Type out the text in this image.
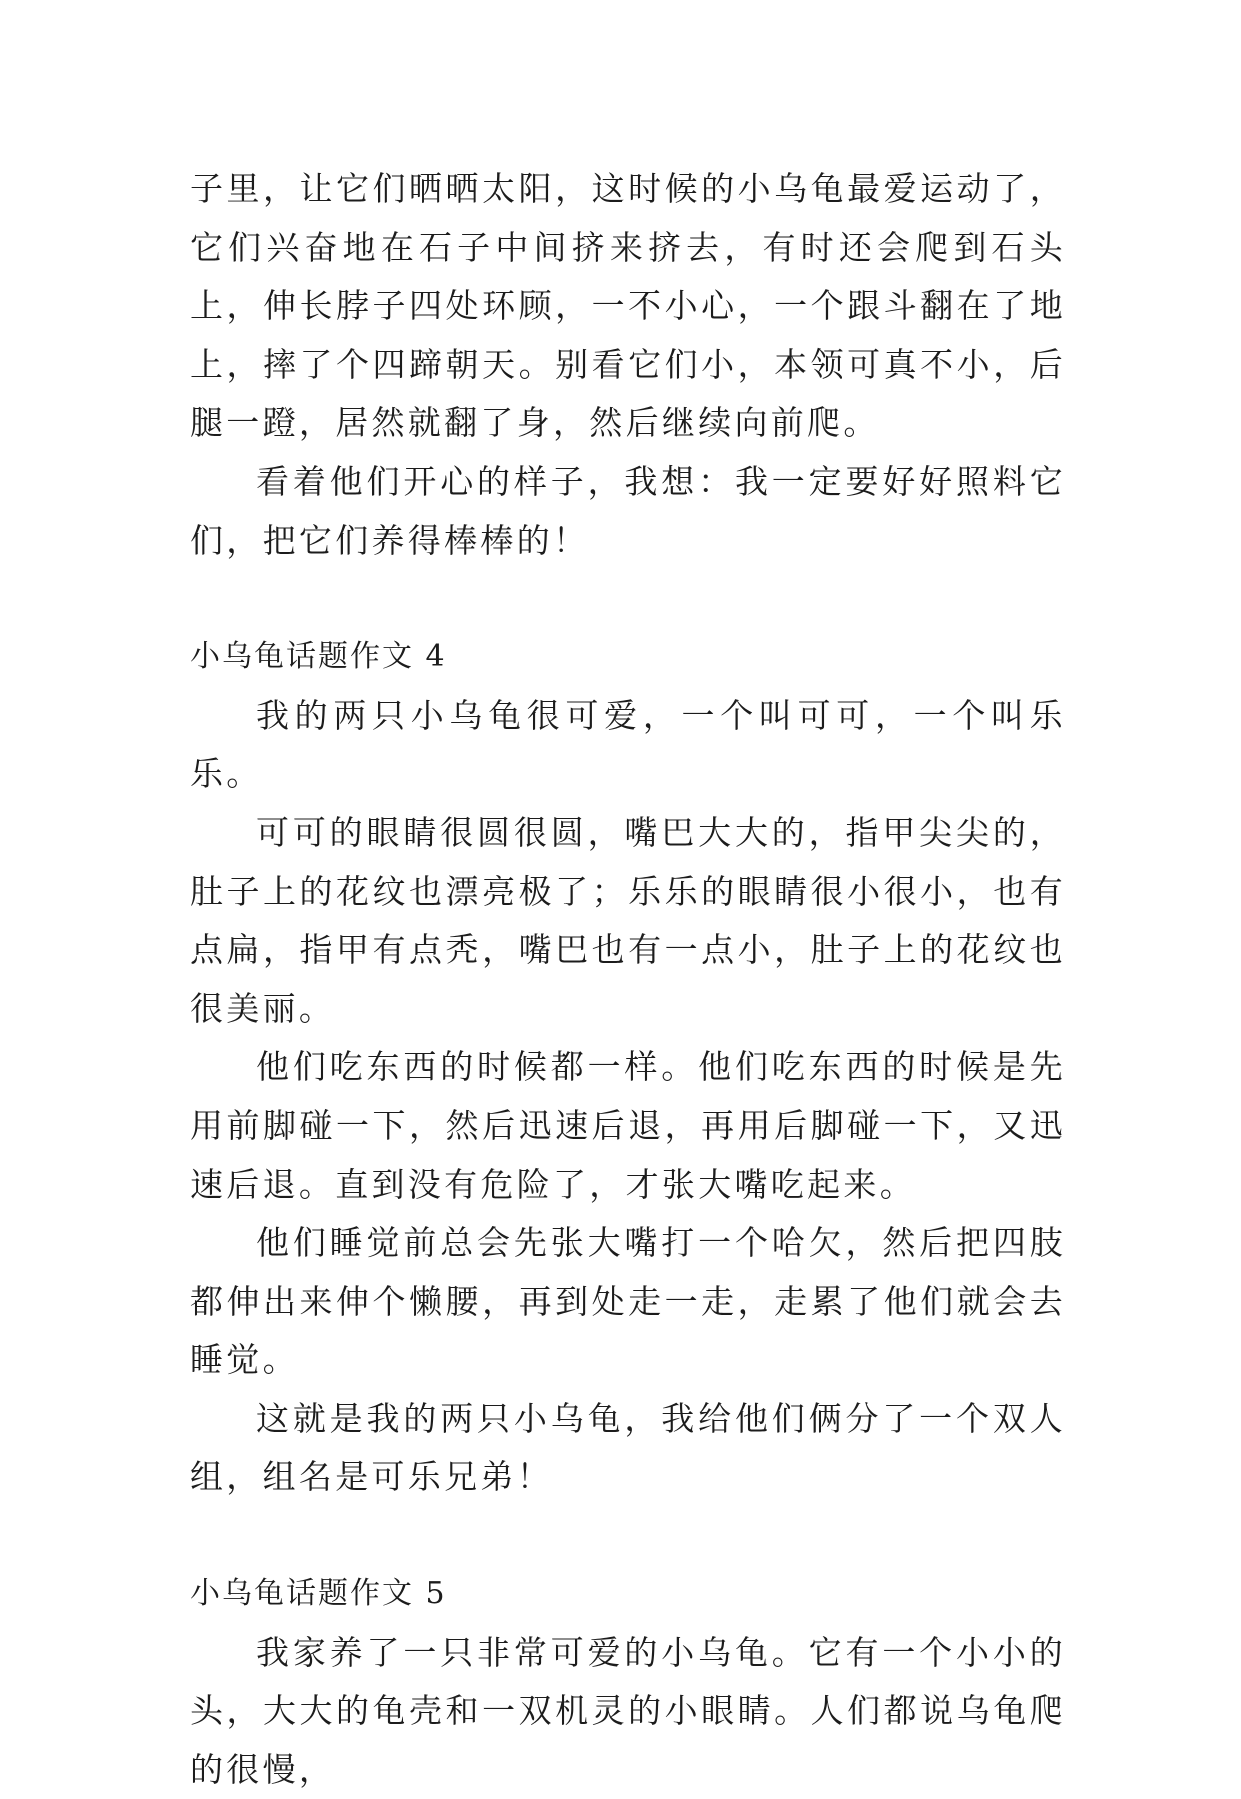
子里，让它们晒晒太阳，这时候的小乌龟最爱运动了，它们兴奋地在石子中间挤来挤去，有时还会爬到石头上，伸长脖子四处环顾，一不小心，一个跟斗翻在了地上，摔了个四蹄朝天。别看它们小，本领可真不小，后腿一蹬，居然就翻了身，然后继续向前爬。

看着他们开心的样子，我想：我一定要好好照料它们，把它们养得棒棒的！

小乌龟话题作文 4

我的两只小乌龟很可爱，一个叫可可，一个叫乐乐。

可可的眼睛很圆很圆，嘴巴大大的，指甲尖尖的，肚子上的花纹也漂亮极了；乐乐的眼睛很小很小，也有点扁，指甲有点秃，嘴巴也有一点小，肚子上的花纹也很美丽。

他们吃东西的时候都一样。他们吃东西的时候是先用前脚碰一下，然后迅速后退，再用后脚碰一下，又迅速后退。直到没有危险了，才张大嘴吃起来。

他们睡觉前总会先张大嘴打一个哈欠，然后把四肢都伸出来伸个懒腰，再到处走一走，走累了他们就会去睡觉。

这就是我的两只小乌龟，我给他们俩分了一个双人组，组名是可乐兄弟！

小乌龟话题作文 5

我家养了一只非常可爱的小乌龟。它有一个小小的头，大大的龟壳和一双机灵的小眼睛。人们都说乌龟爬的很慢，
